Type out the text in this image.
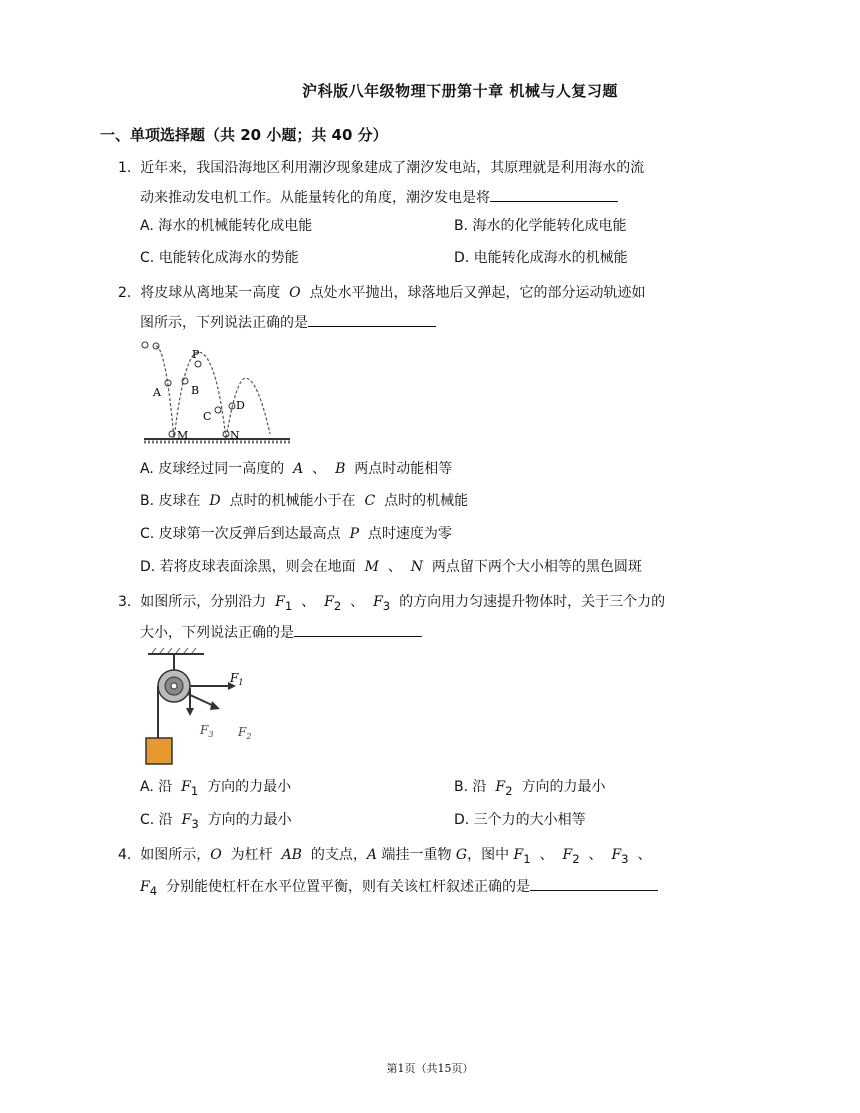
沪科版八年级物理下册第十章 机械与人复习题
一、单项选择题（共 20 小题；共 40 分）
1. 近年来，我国沿海地区利用潮汐现象建成了潮汐发电站，其原理就是利用海水的流
动来推动发电机工作。从能量转化的角度，潮汐发电是将
A. 海水的机械能转化成电能	B. 海水的化学能转化成电能
C. 电能转化成海水的势能	D. 电能转化成海水的机械能
2. 将皮球从离地某一高度 O 点处水平抛出，球落地后又弹起，它的部分运动轨迹如
图所示，下列说法正确的是
P
A	B
C
D
M	N
A. 皮球经过同一高度的 A 、 B 两点时动能相等
B. 皮球在 D 点时的机械能小于在 C 点时的机械能
C. 皮球第一次反弹后到达最高点 P 点时速度为零
D. 若将皮球表面涂黑，则会在地面 M 、 N 两点留下两个大小相等的黑色圆斑
3. 如图所示，分别沿力 $F_1$ 、 $F_2$ 、 $F_3$ 的方向用力匀速提升物体时，关于三个力的
大小，下列说法正确的是
$F_1$
$F_2$
$F_3$
A. 沿 $F_1$ 方向的力最小	B. 沿 $F_2$ 方向的力最小
C. 沿 $F_3$ 方向的力最小	D. 三个力的大小相等
4. 如图所示，O 为杠杆 AB 的支点，A 端挂一重物 G，图中 $F_1$ 、 $F_2$ 、 $F_3$ 、
$F_4$ 分别能使杠杆在水平位置平衡，则有关该杠杆叙述正确的是
第1页（共15页）
